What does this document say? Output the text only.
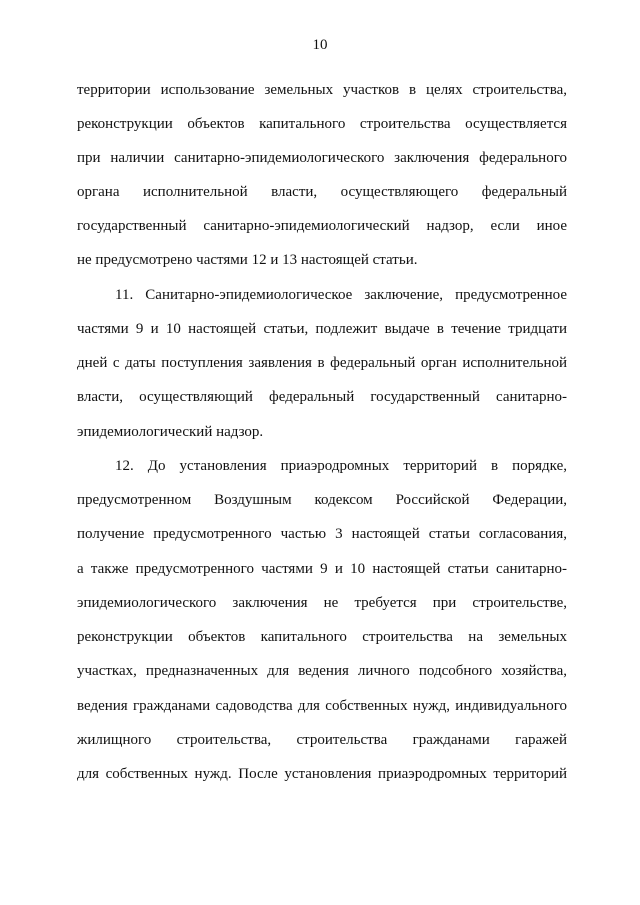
10
территории использование земельных участков в целях строительства,
реконструкции объектов капитального строительства осуществляется
при наличии санитарно-эпидемиологического заключения федерального
органа исполнительной власти, осуществляющего федеральный
государственный санитарно-эпидемиологический надзор, если иное
не предусмотрено частями 12 и 13 настоящей статьи.
11. Санитарно-эпидемиологическое заключение, предусмотренное
частями 9 и 10 настоящей статьи, подлежит выдаче в течение тридцати
дней с даты поступления заявления в федеральный орган исполнительной
власти, осуществляющий федеральный государственный санитарно-
эпидемиологический надзор.
12. До установления приаэродромных территорий в порядке,
предусмотренном Воздушным кодексом Российской Федерации,
получение предусмотренного частью 3 настоящей статьи согласования,
а также предусмотренного частями 9 и 10 настоящей статьи санитарно-
эпидемиологического заключения не требуется при строительстве,
реконструкции объектов капитального строительства на земельных
участках, предназначенных для ведения личного подсобного хозяйства,
ведения гражданами садоводства для собственных нужд, индивидуального
жилищного строительства, строительства гражданами гаражей
для собственных нужд. После установления приаэродромных территорий
